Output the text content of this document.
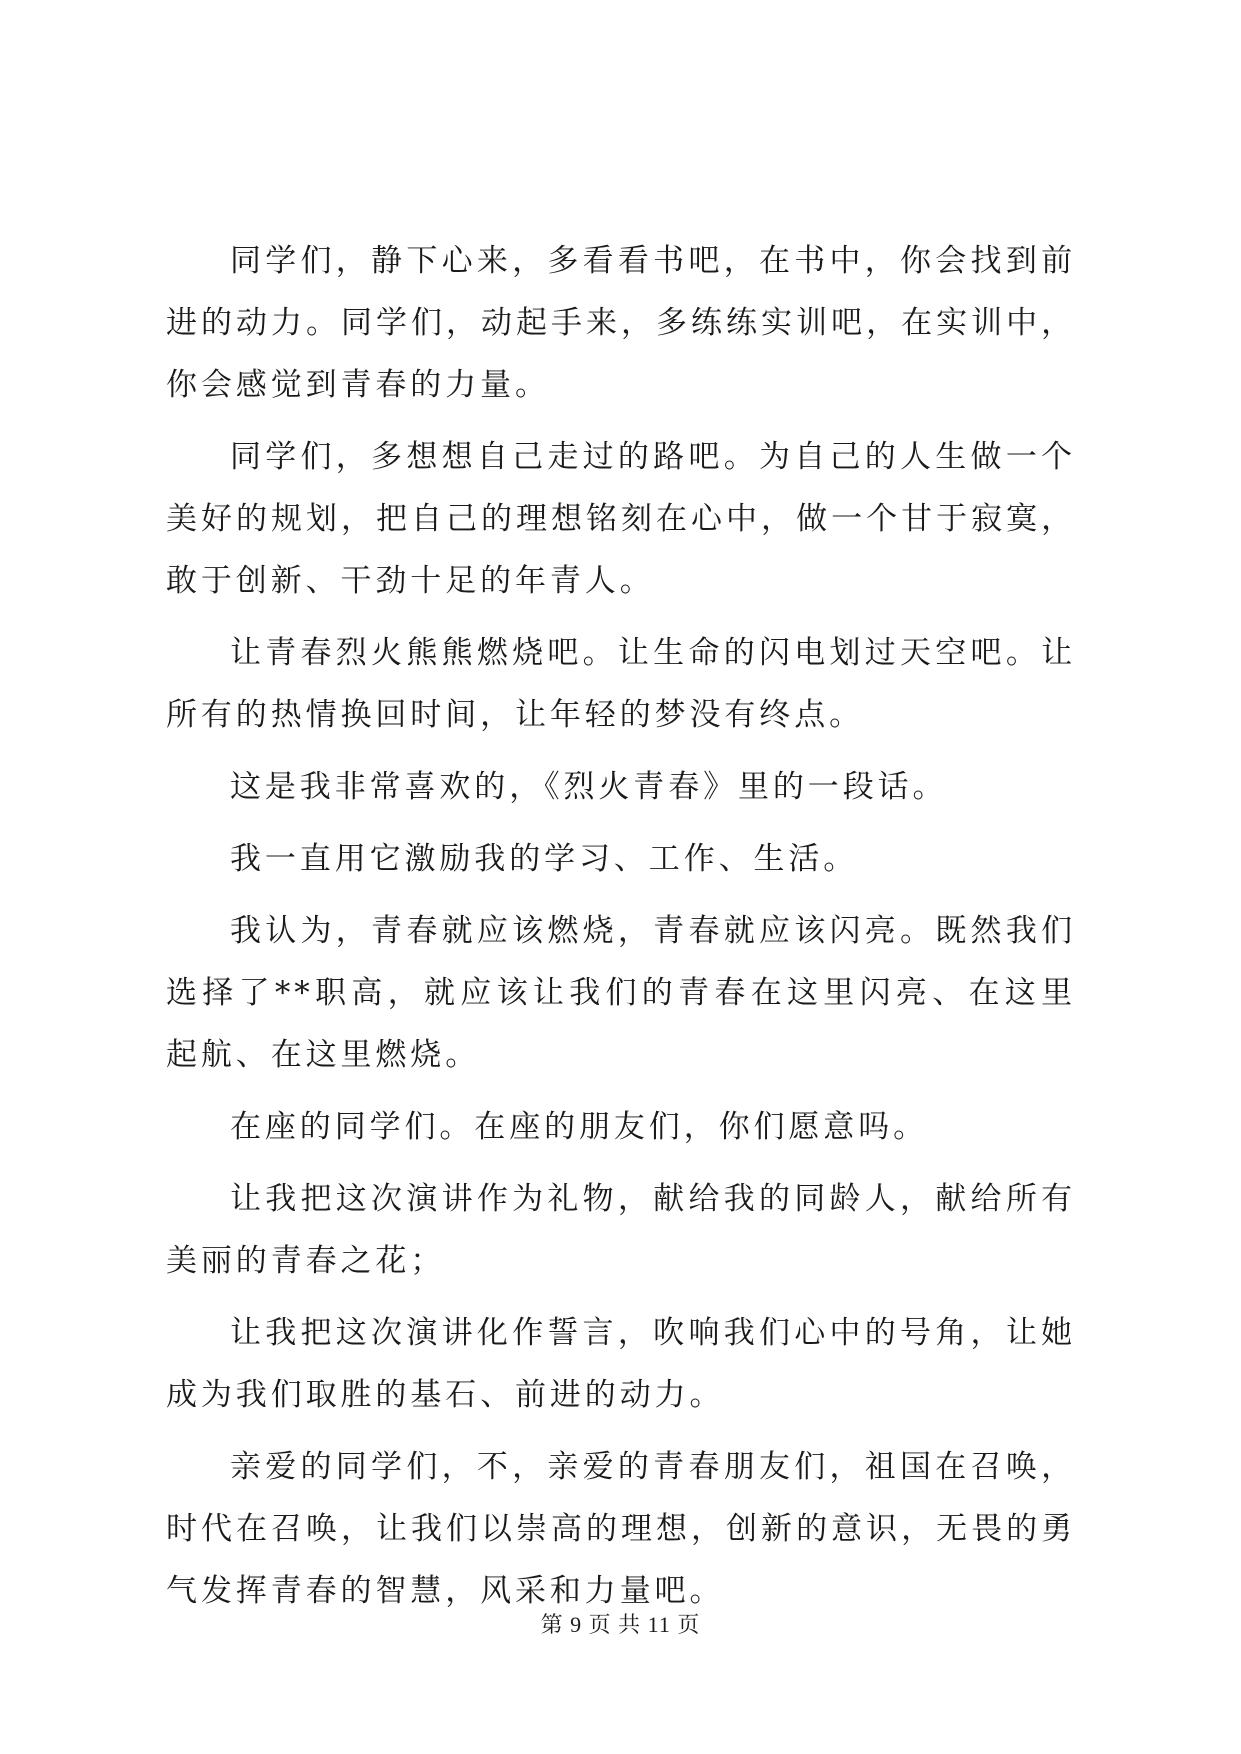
同学们，静下心来，多看看书吧，在书中，你会找到前进的动力。同学们，动起手来，多练练实训吧，在实训中，你会感觉到青春的力量。

同学们，多想想自己走过的路吧。为自己的人生做一个美好的规划，把自己的理想铭刻在心中，做一个甘于寂寞，敢于创新、干劲十足的年青人。

让青春烈火熊熊燃烧吧。让生命的闪电划过天空吧。让所有的热情换回时间，让年轻的梦没有终点。

这是我非常喜欢的，《烈火青春》里的一段话。

我一直用它激励我的学习、工作、生活。

我认为，青春就应该燃烧，青春就应该闪亮。既然我们选择了**职高，就应该让我们的青春在这里闪亮、在这里起航、在这里燃烧。

在座的同学们。在座的朋友们，你们愿意吗。

让我把这次演讲作为礼物，献给我的同龄人，献给所有美丽的青春之花；

让我把这次演讲化作誓言，吹响我们心中的号角，让她成为我们取胜的基石、前进的动力。

亲爱的同学们，不，亲爱的青春朋友们，祖国在召唤，时代在召唤，让我们以崇高的理想，创新的意识，无畏的勇气发挥青春的智慧，风采和力量吧。

第 9 页 共 11 页
